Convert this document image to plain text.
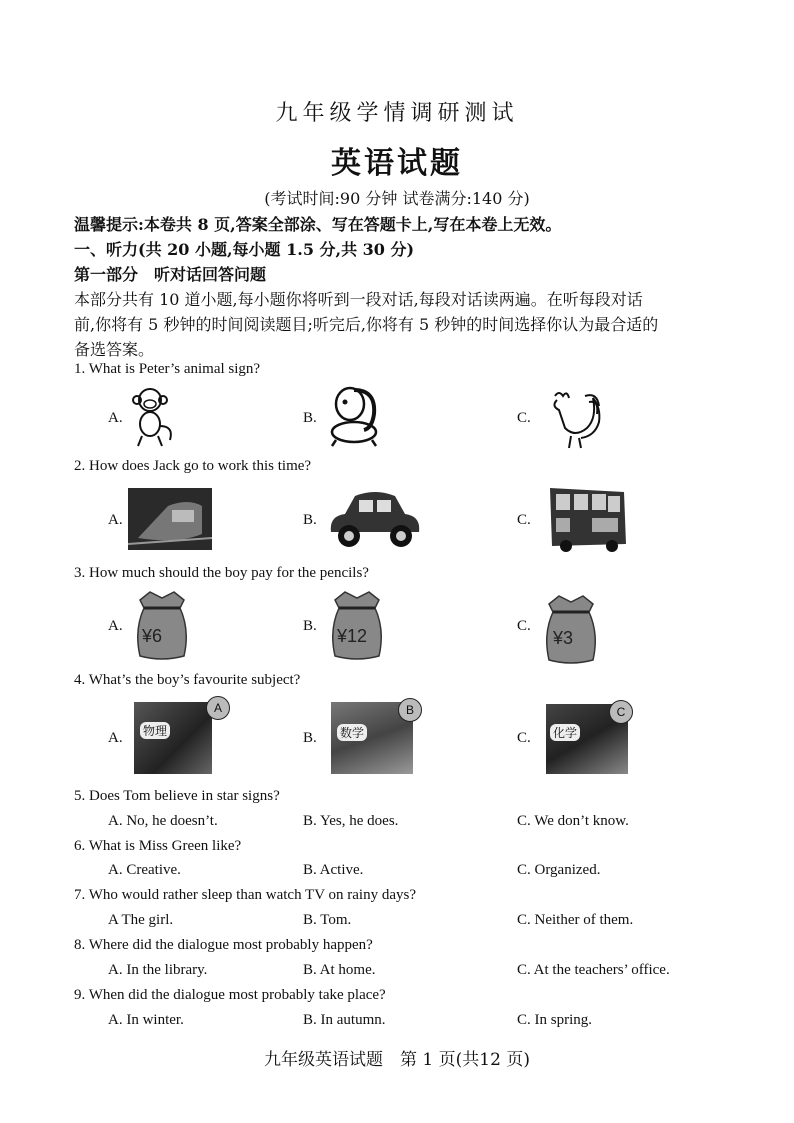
九年级学情调研测试
英语试题
(考试时间:90 分钟 试卷满分:140 分)
温馨提示:本卷共 8 页,答案全部涂、写在答题卡上,写在本卷上无效。
一、听力(共 20 小题,每小题 1.5 分,共 30 分)
第一部分　听对话回答问题
本部分共有 10 道小题,每小题你将听到一段对话,每段对话读两遍。在听每段对话
前,你将有 5 秒钟的时间阅读题目;听完后,你将有 5 秒钟的时间选择你认为最合适的
备选答案。
1. What is Peter’s animal sign?
A.	B.	C.
2. How does Jack go to work this time?
A.	B.	C.
3. How much should the boy pay for the pencils?
A.	B.	C.
¥6	¥12	¥3
4. What’s the boy’s favourite subject?
A.	B.	C.
物理
A
数学
B
化学
C
5. Does Tom believe in star signs?
A. No, he doesn’t.	B. Yes, he does.	C. We don’t know.
6. What is Miss Green like?
A. Creative.	B. Active.	C. Organized.
7. Who would rather sleep than watch TV on rainy days?
A The girl.	B. Tom.	C. Neither of them.
8. Where did the dialogue most probably happen?
A. In the library.	B. At home.	C. At the teachers’ office.
9. When did the dialogue most probably take place?
A. In winter.	B. In autumn.	C. In spring.
九年级英语试题　第 1 页(共12 页)
